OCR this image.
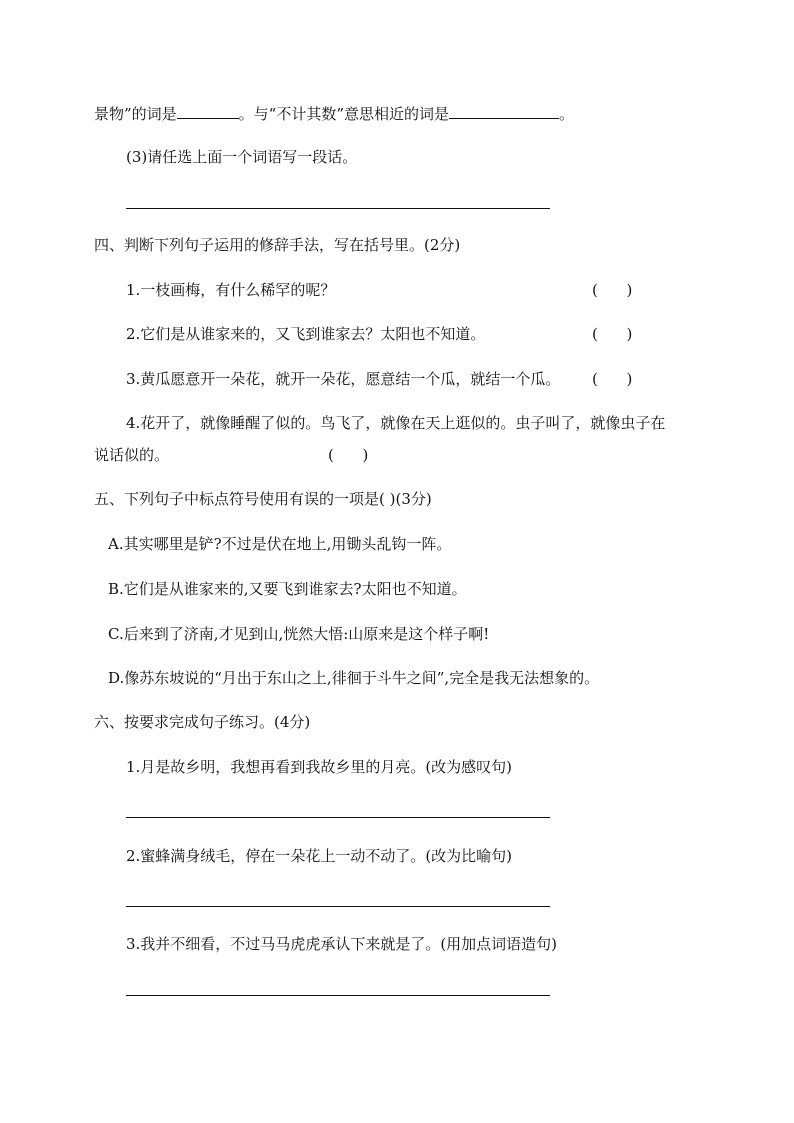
景物”的词是	。与“不计其数”意思相近的词是	。
(3)请任选上面一个词语写一段话。
四、判断下列句子运用的修辞手法，写在括号里。(2分)
1.一枝画梅，有什么稀罕的呢？	(      )
2.它们是从谁家来的，又飞到谁家去？太阳也不知道。	(      )
3.黄瓜愿意开一朵花，就开一朵花，愿意结一个瓜，就结一个瓜。 (      )
4.花开了，就像睡醒了似的。鸟飞了，就像在天上逛似的。虫子叫了，就像虫子在
说话似的。	(      )
五、下列句子中标点符号使用有误的一项是( )(3分)
A.其实哪里是铲?不过是伏在地上,用锄头乱钩一阵。
B.它们是从谁家来的,又要飞到谁家去?太阳也不知道。
C.后来到了济南,才见到山,恍然大悟:山原来是这个样子啊!
D.像苏东坡说的“月出于东山之上,徘徊于斗牛之间”,完全是我无法想象的。
六、按要求完成句子练习。(4分)
1.月是故乡明，我想再看到我故乡里的月亮。(改为感叹句)
2.蜜蜂满身绒毛，停在一朵花上一动不动了。(改为比喻句)
3.我并不细看，不过马马虎虎承认下来就是了。(用加点词语造句)
